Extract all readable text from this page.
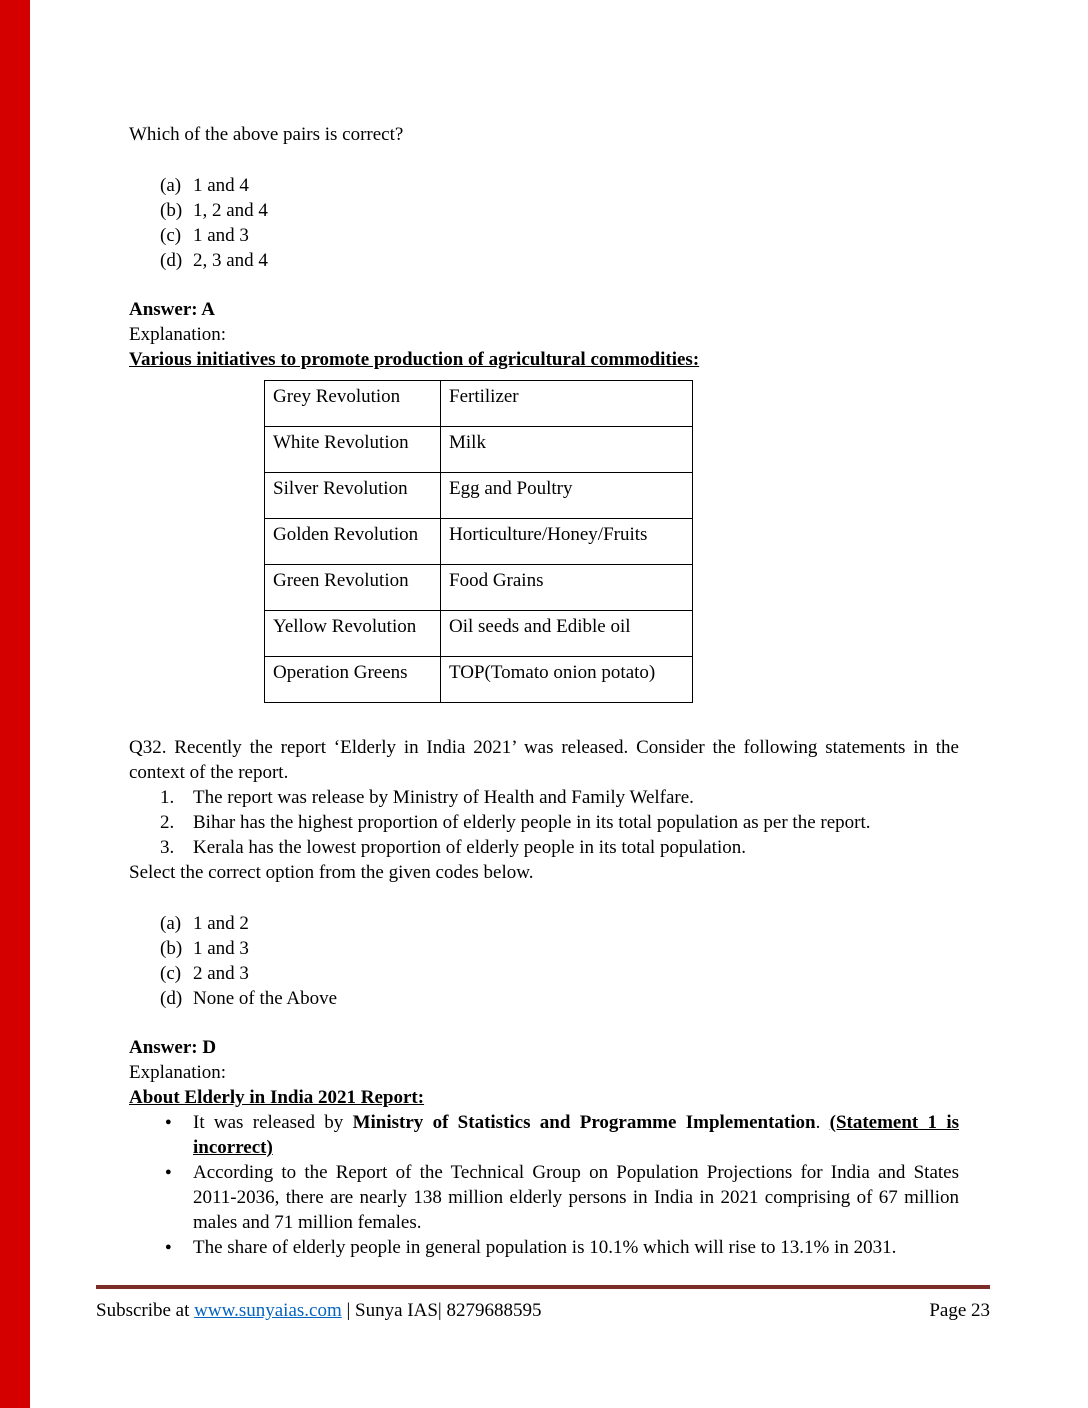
Which of the above pairs is correct?

(a) 1 and 4
(b) 1, 2 and 4
(c) 1 and 3
(d) 2, 3 and 4

Answer: A

Explanation:

Various initiatives to promote production of agricultural commodities:

Grey Revolution	Fertilizer
White Revolution	Milk
Silver Revolution	Egg and Poultry
Golden Revolution	Horticulture/Honey/Fruits
Green Revolution	Food Grains
Yellow Revolution	Oil seeds and Edible oil
Operation Greens	TOP(Tomato onion potato)

Q32. Recently the report ‘Elderly in India 2021’ was released. Consider the following statements in the context of the report.

1. The report was release by Ministry of Health and Family Welfare.
2. Bihar has the highest proportion of elderly people in its total population as per the report.
3. Kerala has the lowest proportion of elderly people in its total population.

Select the correct option from the given codes below.

(a) 1 and 2
(b) 1 and 3
(c) 2 and 3
(d) None of the Above

Answer: D

Explanation:

About Elderly in India 2021 Report:

●	It was released by Ministry of Statistics and Programme Implementation. (Statement 1 is incorrect)
●	According to the Report of the Technical Group on Population Projections for India and States 2011-2036, there are nearly 138 million elderly persons in India in 2021 comprising of 67 million males and 71 million females.
●	The share of elderly people in general population is 10.1% which will rise to 13.1% in 2031.
Subscribe at www.sunyaias.com | Sunya IAS| 8279688595	Page 23
